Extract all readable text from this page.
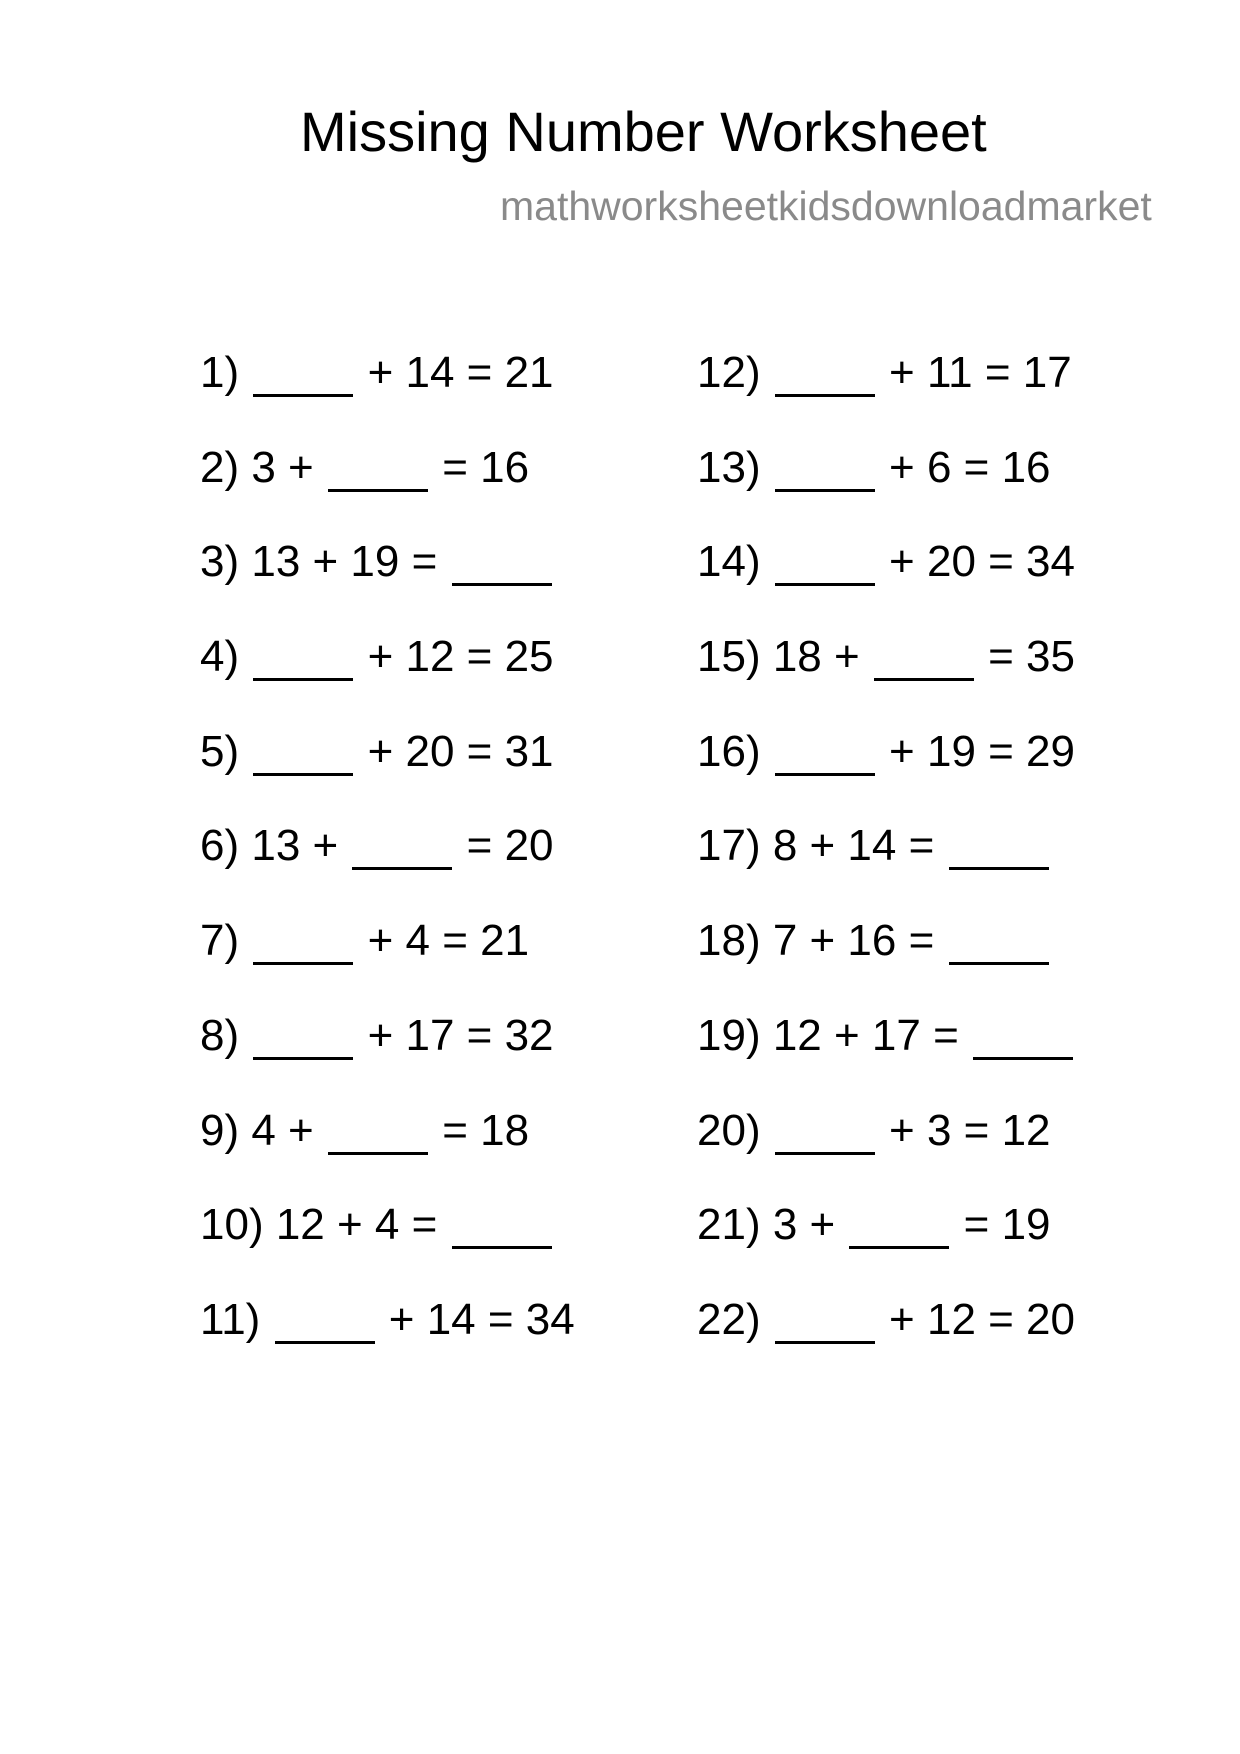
Missing Number Worksheet
mathworksheetkidsdownloadmarket
1) + 14 = 21
2) 3 + = 16
3) 13 + 19 =
4) + 12 = 25
5) + 20 = 31
6) 13 + = 20
7) + 4 = 21
8) + 17 = 32
9) 4 + = 18
10) 12 + 4 =
11) + 14 = 34
12) + 11 = 17
13) + 6 = 16
14) + 20 = 34
15) 18 + = 35
16) + 19 = 29
17) 8 + 14 =
18) 7 + 16 =
19) 12 + 17 =
20) + 3 = 12
21) 3 + = 19
22) + 12 = 20
